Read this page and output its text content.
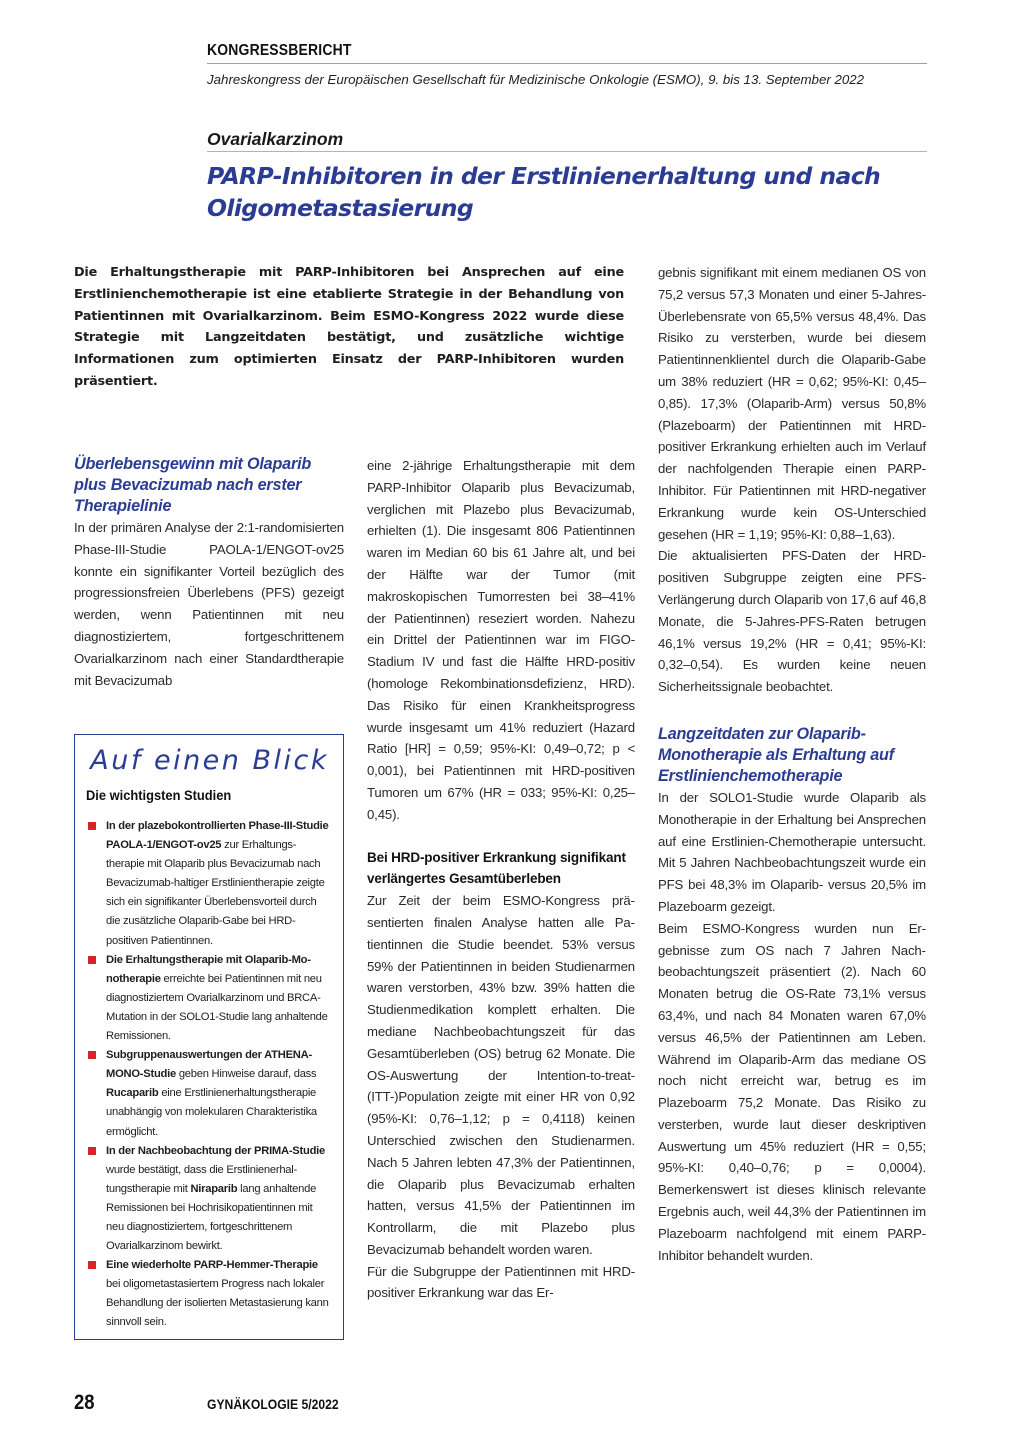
KONGRESSBERICHT
Jahreskongress der Europäischen Gesellschaft für Medizinische Onkologie (ESMO), 9. bis 13. September 2022
Ovarialkarzinom
PARP-Inhibitoren in der Erstlinienerhaltung und nach Oligometastasierung

Die Erhaltungstherapie mit PARP-Inhibitoren bei Ansprechen auf eine Erstlinienchemotherapie ist eine etablierte Strategie in der Behandlung von Patientinnen mit Ovarialkarzinom. Beim ESMO-Kongress 2022 wurde diese Strategie mit Langzeitdaten bestätigt, und zusätzliche wichtige Informationen zum optimierten Einsatz der PARP-Inhibitoren wurden präsentiert.

Überlebensgewinn mit Olaparib plus Bevacizumab nach erster Therapielinie

In der primären Analyse der 2:1-randomisierten Phase-III-Studie PAOLA-1/ENGOT-ov25 konnte ein signifikanter Vorteil bezüglich des progressionsfreien Überlebens (PFS) gezeigt werden, wenn Patientinnen mit neu diagnostiziertem, fortgeschrittenem Ovarialkarzinom nach einer Standardtherapie mit Bevacizumab

Auf einen Blick
Die wichtigsten Studien
In der plazebokontrollierten Phase-III-Studie PAOLA-1/ENGOT-ov25 zur Erhaltungstherapie mit Olaparib plus Bevacizumab nach Bevacizumab-haltiger Erstlinientherapie zeigte sich ein signifikanter Überlebensvorteil durch die zusätzliche Olaparib-Gabe bei HRD-positiven Patientinnen.
Die Erhaltungstherapie mit Olaparib-Monotherapie erreichte bei Patientinnen mit neu diagnostiziertem Ovarialkarzinom und BRCA-Mutation in der SOLO1-Studie lang anhaltende Remissionen.
Subgruppenauswertungen der ATHENA-MONO-Studie geben Hinweise darauf, dass Rucaparib eine Erstlinienerhaltungstherapie unabhängig von molekularen Charakteristika ermöglicht.
In der Nachbeobachtung der PRIMA-Studie wurde bestätigt, dass die Erstlinienerhaltungstherapie mit Niraparib lang anhaltende Remissionen bei Hochrisikopatientinnen mit neu diagnostiziertem, fortgeschrittenem Ovarialkarzinom bewirkt.
Eine wiederholte PARP-Hemmer-Therapie bei oligometastasiertem Progress nach lokaler Behandlung der isolierten Metastasierung kann sinnvoll sein.

eine 2-jährige Erhaltungstherapie mit dem PARP-Inhibitor Olaparib plus Bevacizumab, verglichen mit Plazebo plus Bevacizumab, erhielten (1). Die insgesamt 806 Patientinnen waren im Median 60 bis 61 Jahre alt, und bei der Hälfte war der Tumor (mit makroskopischen Tumorresten bei 38–41% der Patientinnen) reseziert worden. Nahezu ein Drittel der Patientinnen war im FIGO-Stadium IV und fast die Hälfte HRD-positiv (homologe Rekombinationsdefizienz, HRD). Das Risiko für einen Krankheitsprogress wurde insgesamt um 41% reduziert (Hazard Ratio [HR] = 0,59; 95%-KI: 0,49–0,72; p < 0,001), bei Patientinnen mit HRD-positiven Tumoren um 67% (HR = 033; 95%-KI: 0,25–0,45).

Bei HRD-positiver Erkrankung signifikant verlängertes Gesamtüberleben

Zur Zeit der beim ESMO-Kongress präsentierten finalen Analyse hatten alle Patientinnen die Studie beendet. 53% versus 59% der Patientinnen in beiden Studienarmen waren verstorben, 43% bzw. 39% hatten die Studienmedikation komplett erhalten. Die mediane Nachbeobachtungszeit für das Gesamtüberleben (OS) betrug 62 Monate. Die OS-Auswertung der Intention-to-treat-(ITT-)Population zeigte mit einer HR von 0,92 (95%-KI: 0,76–1,12; p = 0,4118) keinen Unterschied zwischen den Studienarmen. Nach 5 Jahren lebten 47,3% der Patientinnen, die Olaparib plus Bevacizumab erhalten hatten, versus 41,5% der Patientinnen im Kontrollarm, die mit Plazebo plus Bevacizumab behandelt worden waren.

Für die Subgruppe der Patientinnen mit HRD-positiver Erkrankung war das Er-

gebnis signifikant mit einem medianen OS von 75,2 versus 57,3 Monaten und einer 5-Jahres-Überlebensrate von 65,5% versus 48,4%. Das Risiko zu versterben, wurde bei diesem Patientinnenklientel durch die Olaparib-Gabe um 38% reduziert (HR = 0,62; 95%-KI: 0,45–0,85). 17,3% (Olaparib-Arm) versus 50,8% (Plazeboarm) der Patientinnen mit HRD-positiver Erkrankung erhielten auch im Verlauf der nachfolgenden Therapie einen PARP-Inhibitor. Für Patientinnen mit HRD-negativer Erkrankung wurde kein OS-Unterschied gesehen (HR = 1,19; 95%-KI: 0,88–1,63).

Die aktualisierten PFS-Daten der HRD-positiven Subgruppe zeigten eine PFS-Verlängerung durch Olaparib von 17,6 auf 46,8 Monate, die 5-Jahres-PFS-Raten betrugen 46,1% versus 19,2% (HR = 0,41; 95%-KI: 0,32–0,54). Es wurden keine neuen Sicherheitssignale beobachtet.

Langzeitdaten zur Olaparib-Monotherapie als Erhaltung auf Erstlinienchemotherapie

In der SOLO1-Studie wurde Olaparib als Monotherapie in der Erhaltung bei Ansprechen auf eine Erstlinien-Chemotherapie untersucht. Mit 5 Jahren Nachbeobachtungszeit wurde ein PFS bei 48,3% im Olaparib- versus 20,5% im Plazeboarm gezeigt.

Beim ESMO-Kongress wurden nun Ergebnisse zum OS nach 7 Jahren Nachbeobachtungszeit präsentiert (2). Nach 60 Monaten betrug die OS-Rate 73,1% versus 63,4%, und nach 84 Monaten waren 67,0% versus 46,5% der Patientinnen am Leben. Während im Olaparib-Arm das mediane OS noch nicht erreicht war, betrug es im Plazeboarm 75,2 Monate. Das Risiko zu versterben, wurde laut dieser deskriptiven Auswertung um 45% reduziert (HR = 0,55; 95%-KI: 0,40–0,76; p = 0,0004). Bemerkenswert ist dieses klinisch relevante Ergebnis auch, weil 44,3% der Patientinnen im Plazeboarm nachfolgend mit einem PARP-Inhibitor behandelt wurden.

28	GYNÄKOLOGIE 5/2022
